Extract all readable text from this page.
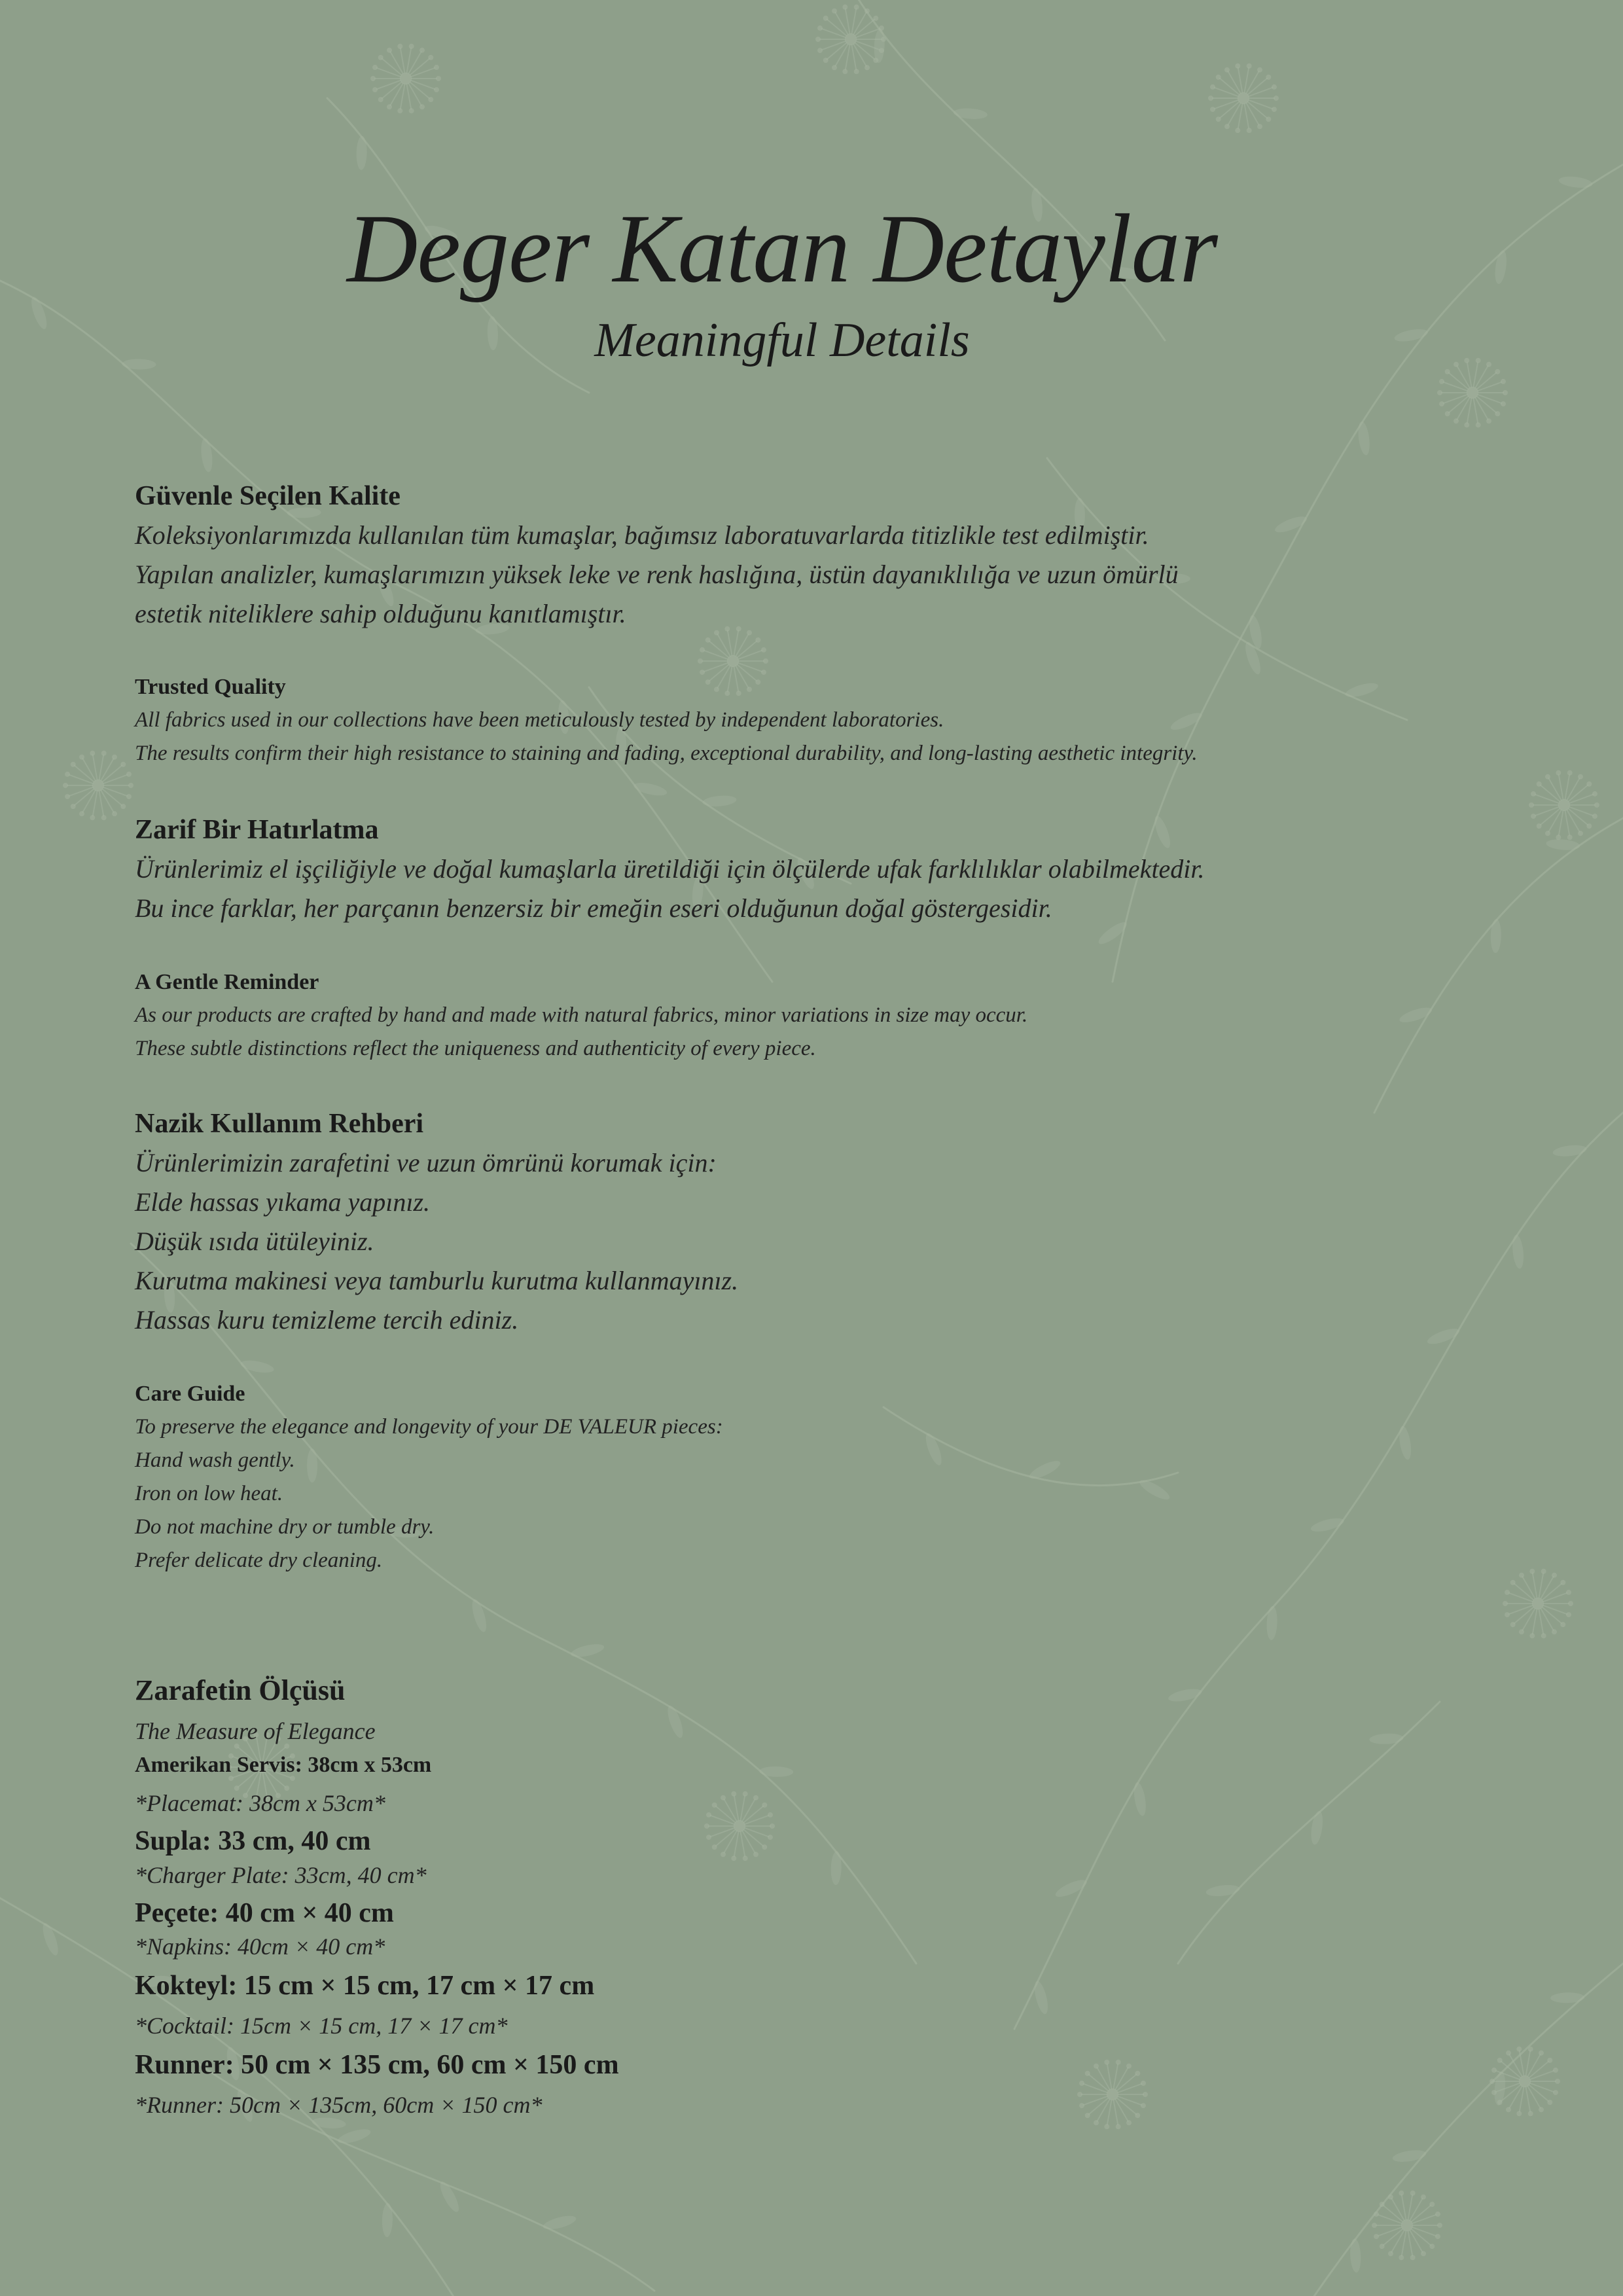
Deger Katan Detaylar
Meaningful Details
Güvenle Seçilen Kalite
Koleksiyonlarımızda kullanılan tüm kumaşlar, bağımsız laboratuvarlarda titizlikle test edilmiştir.
Yapılan analizler, kumaşlarımızın yüksek leke ve renk haslığına, üstün dayanıklılığa ve uzun ömürlü
estetik niteliklere sahip olduğunu kanıtlamıştır.
Trusted Quality
All fabrics used in our collections have been meticulously tested by independent laboratories.
The results confirm their high resistance to staining and fading, exceptional durability, and long-lasting aesthetic integrity.
Zarif Bir Hatırlatma
Ürünlerimiz el işçiliğiyle ve doğal kumaşlarla üretildiği için ölçülerde ufak farklılıklar olabilmektedir.
Bu ince farklar, her parçanın benzersiz bir emeğin eseri olduğunun doğal göstergesidir.
A Gentle Reminder
As our products are crafted by hand and made with natural fabrics, minor variations in size may occur.
These subtle distinctions reflect the uniqueness and authenticity of every piece.
Nazik Kullanım Rehberi
Ürünlerimizin zarafetini ve uzun ömrünü korumak için:
Elde hassas yıkama yapınız.
Düşük ısıda ütüleyiniz.
Kurutma makinesi veya tamburlu kurutma kullanmayınız.
Hassas kuru temizleme tercih ediniz.
Care Guide
To preserve the elegance and longevity of your DE VALEUR pieces:
Hand wash gently.
Iron on low heat.
Do not machine dry or tumble dry.
Prefer delicate dry cleaning.
Zarafetin Ölçüsü
The Measure of Elegance
Amerikan Servis: 38cm x 53cm
*Placemat: 38cm x 53cm*
Supla: 33 cm, 40 cm
*Charger Plate: 33cm, 40 cm*
Peçete: 40 cm × 40 cm
*Napkins: 40cm × 40 cm*
Kokteyl: 15 cm × 15 cm, 17 cm × 17 cm
*Cocktail: 15cm × 15 cm, 17 × 17 cm*
Runner: 50 cm × 135 cm, 60 cm × 150 cm
*Runner: 50cm × 135cm, 60cm × 150 cm*
